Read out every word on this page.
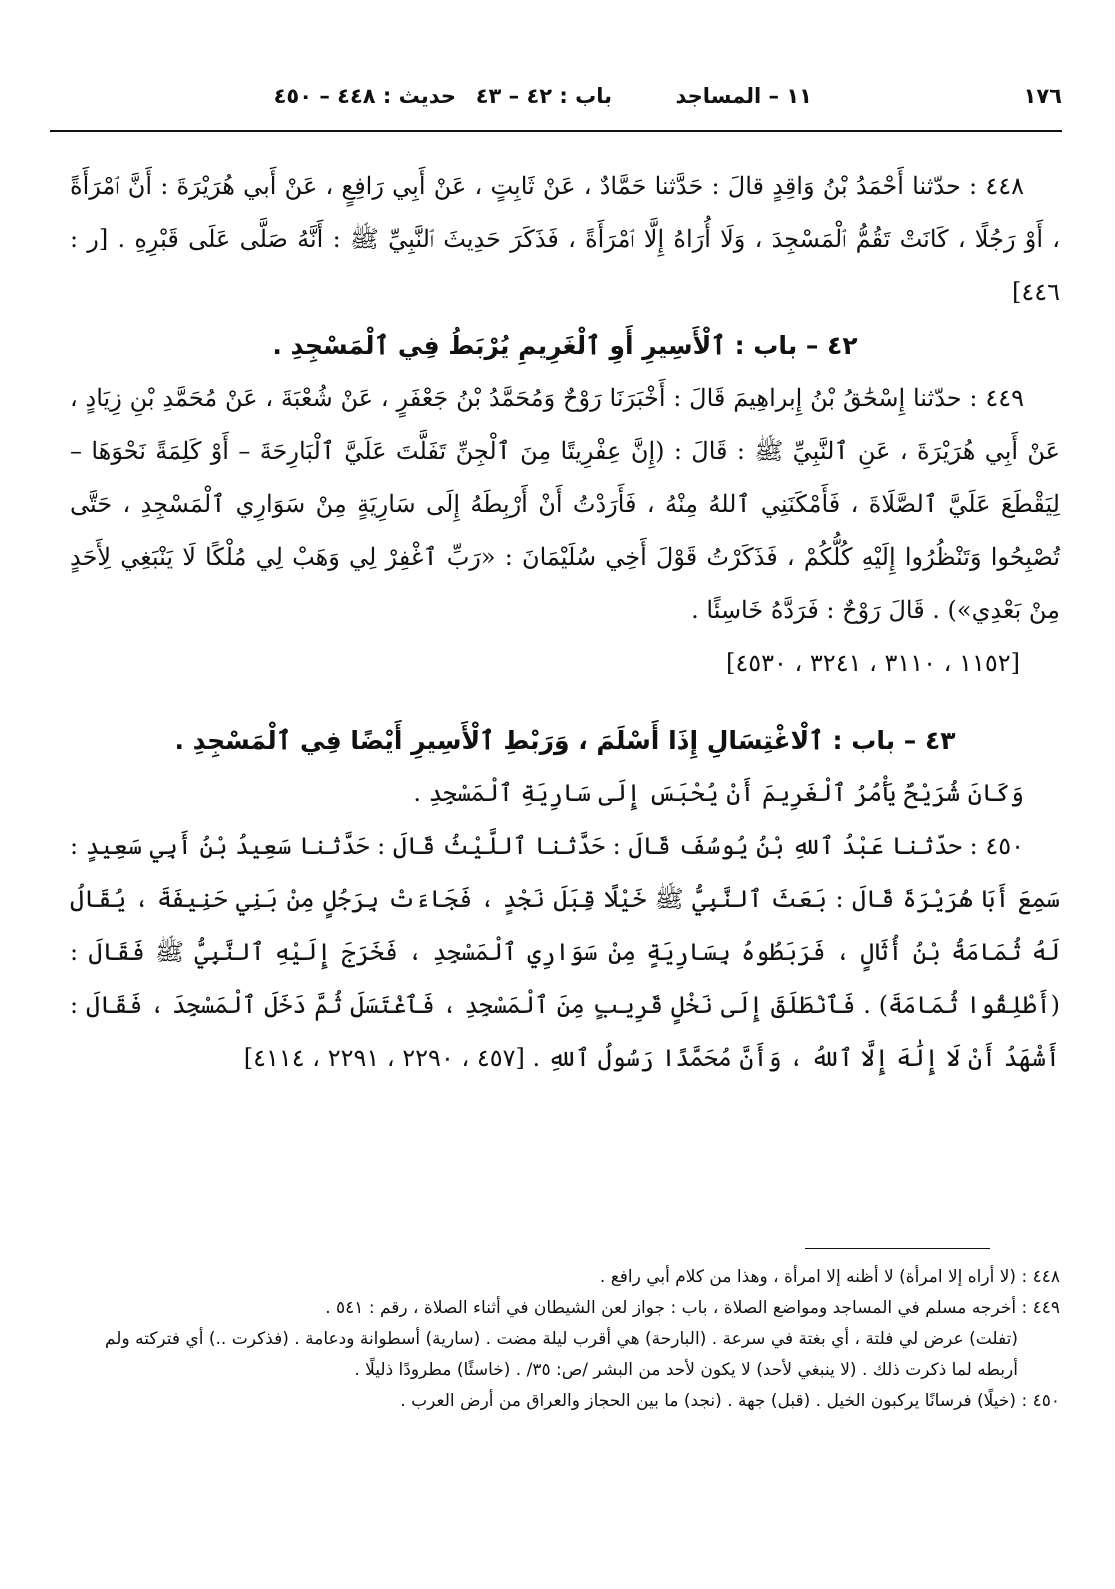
١٧٦
١١ – المساجد
باب : ٤٢ – ٤٣
حديث : ٤٤٨ – ٤٥٠

٤٤٨ : حدّثنا أَحْمَدُ بْنُ وَاقِدٍ قالَ : حَدَّثنا حَمَّادٌ ، عَنْ ثَابِتٍ ، عَنْ أَبِي رَافِعٍ ، عَنْ أَبي هُرَيْرَةَ : أَنَّ ٱمْرَأَةً ، أَوْ رَجُلًا ، كَانَتْ تَقُمُّ ٱلْمَسْجِدَ ، وَلَا أُرَاهُ إِلَّا ٱمْرَأَةً ، فَذَكَرَ حَدِيثَ ٱلنَّبِيِّ ﷺ : أَنَّهُ صَلَّى عَلَى قَبْرِهِ . [ر : ٤٤٦]

٤٢ – باب : ٱلْأَسِيرِ أَوِ ٱلْغَرِيمِ يُرْبَطُ فِي ٱلْمَسْجِدِ .

٤٤٩ : حدّثنا إِسْحَٰقُ بْنُ إِبراهِيمَ قَالَ : أَخْبَرَنَا رَوْحٌ وَمُحَمَّدُ بْنُ جَعْفَرٍ ، عَنْ شُعْبَةَ ، عَنْ مُحَمَّدِ بْنِ زِيَادٍ ، عَنْ أَبِي هُرَيْرَةَ ، عَنِ ٱلنَّبِيِّ ﷺ : قَالَ : (إِنَّ عِفْرِيتًا مِنَ ٱلْجِنِّ تَفَلَّتَ عَلَيَّ ٱلْبَارِحَةَ – أَوْ كَلِمَةً نَحْوَهَا – لِيَقْطَعَ عَلَيَّ ٱلصَّلَاةَ ، فَأَمْكَنَنِي ٱللهُ مِنْهُ ، فَأَرَدْتُ أَنْ أَرْبِطَهُ إِلَى سَارِيَةٍ مِنْ سَوَارِي ٱلْمَسْجِدِ ، حَتَّى تُصْبِحُوا وَتَنْظُرُوا إِلَيْهِ كُلُّكُمْ ، فَذَكَرْتُ قَوْلَ أَخِي سُلَيْمَانَ : «رَبِّ ٱغْفِرْ لِي وَهَبْ لِي مُلْكًا لَا يَنْبَغِي لِأَحَدٍ مِنْ بَعْدِي») . قَالَ رَوْحٌ : فَرَدَّهُ خَاسِئًا .

[١١٥٢ ، ٣١١٠ ، ٣٢٤١ ، ٤٥٣٠]

٤٣ – باب : ٱلْاغْتِسَالِ إِذَا أَسْلَمَ ، وَرَبْطِ ٱلْأَسِيرِ أَيْضًا فِي ٱلْمَسْجِدِ .

وَكَانَ شُرَيْحٌ يَأْمُرُ ٱلْغَرِيمَ أَنْ يُحْبَسَ إِلَى سَارِيَةِ ٱلْمَسْجِدِ .

٤٥٠ : حدّثنا عَبْدُ ٱللهِ بْنُ يُوسُفَ قَالَ : حَدَّثنا ٱللَّيْثُ قَالَ : حَدَّثنا سَعِيدُ بْنُ أَبِي سَعِيدٍ : سَمِعَ أَبَا هُرَيْرَةَ قَالَ : بَعَثَ ٱلنَّبِيُّ ﷺ خَيْلًا قِبَلَ نَجْدٍ ، فَجَاءَتْ بِرَجُلٍ مِنْ بَنِي حَنِيفَةَ ، يُقَالُ لَهُ ثُمَامَةُ بْنُ أُثَالٍ ، فَرَبَطُوهُ بِسَارِيَةٍ مِنْ سَوَارِي ٱلْمَسْجِدِ ، فَخَرَجَ إِلَيْهِ ٱلنَّبِيُّ ﷺ فَقَالَ : (أَطْلِقُوا ثُمَامَةَ) . فَٱنْطَلَقَ إِلَى نَخْلٍ قَرِيبٍ مِنَ ٱلْمَسْجِدِ ، فَٱغْتَسَلَ ثُمَّ دَخَلَ ٱلْمَسْجِدَ ، فَقَالَ : أَشْهَدُ أَنْ لَا إِلَٰهَ إِلَّا ٱللهُ ، وَأَنَّ مُحَمَّدًا رَسُولُ ٱللهِ . [٤٥٧ ، ٢٢٩٠ ، ٢٢٩١ ، ٤١١٤]

٤٤٨ : (لا أراه إلا امرأة) لا أظنه إلا امرأة ، وهذا من كلام أبي رافع .

٤٤٩ : أخرجه مسلم في المساجد ومواضع الصلاة ، باب : جواز لعن الشيطان في أثناء الصلاة ، رقم : ٥٤١ .

(تفلت) عرض لي فلتة ، أي بغتة في سرعة . (البارحة) هي أقرب ليلة مضت . (سارية) أسطوانة ودعامة . (فذكرت ..) أي فتركته ولم أربطه لما ذكرت ذلك . (لا ينبغي لأحد) لا يكون لأحد من البشر /ص: ٣٥/ . (خاسئًا) مطرودًا ذليلًا .

٤٥٠ : (خيلًا) فرسانًا يركبون الخيل . (قبل) جهة . (نجد) ما بين الحجاز والعراق من أرض العرب .
